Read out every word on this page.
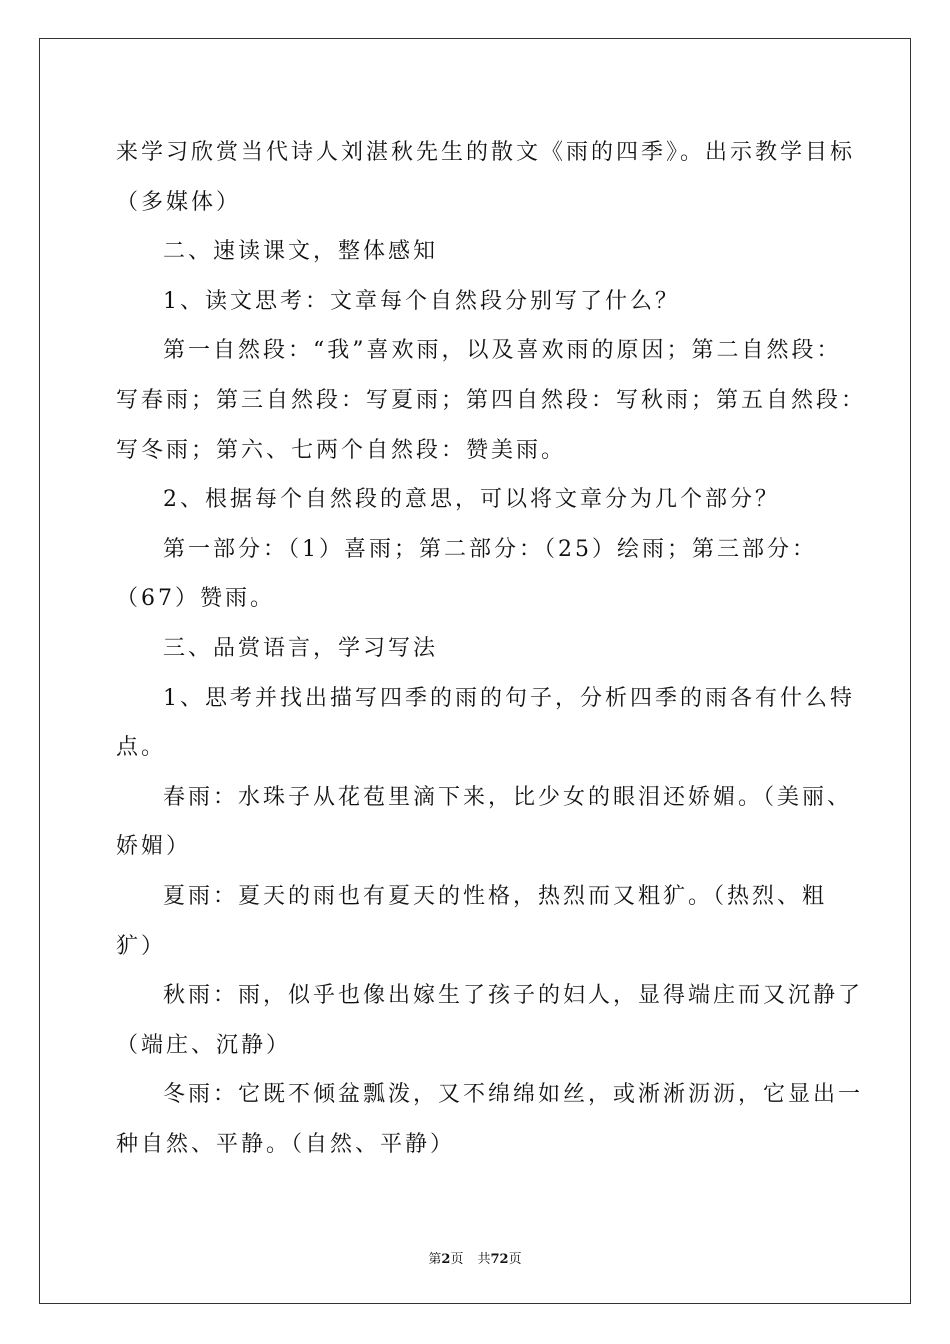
来学习欣赏当代诗人刘湛秋先生的散文《雨的四季》。出示教学目标

（多媒体）

二、速读课文，整体感知

1、读文思考：文章每个自然段分别写了什么？

第一自然段：“我”喜欢雨，以及喜欢雨的原因；第二自然段：

写春雨；第三自然段：写夏雨；第四自然段：写秋雨；第五自然段：

写冬雨；第六、七两个自然段：赞美雨。

2、根据每个自然段的意思，可以将文章分为几个部分？

第一部分：（1）喜雨；第二部分：（25）绘雨；第三部分：

（67）赞雨。

三、品赏语言，学习写法

1、思考并找出描写四季的雨的句子，分析四季的雨各有什么特

点。

春雨：水珠子从花苞里滴下来，比少女的眼泪还娇媚。（美丽、

娇媚）

夏雨：夏天的雨也有夏天的性格，热烈而又粗犷。（热烈、粗

犷）

秋雨：雨，似乎也像出嫁生了孩子的妇人，显得端庄而又沉静了

（端庄、沉静）

冬雨：它既不倾盆瓢泼，又不绵绵如丝，或淅淅沥沥，它显出一

种自然、平静。（自然、平静）

第2页 共72页
